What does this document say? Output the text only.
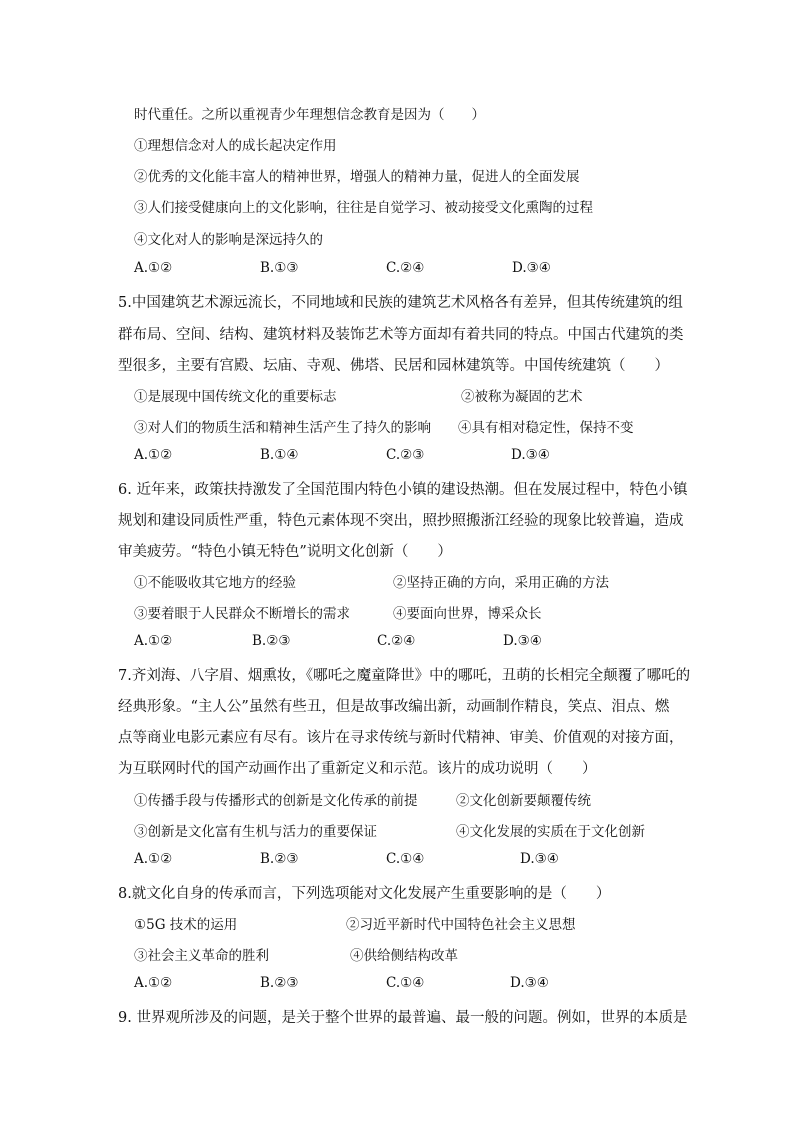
时代重任。之所以重视青少年理想信念教育是因为（　　）
①理想信念对人的成长起决定作用
②优秀的文化能丰富人的精神世界，增强人的精神力量，促进人的全面发展
③人们接受健康向上的文化影响，往往是自觉学习、被动接受文化熏陶的过程
④文化对人的影响是深远持久的
A.①②	B.①③	C.②④	D.③④
5.中国建筑艺术源远流长，不同地域和民族的建筑艺术风格各有差异，但其传统建筑的组
群布局、空间、结构、建筑材料及装饰艺术等方面却有着共同的特点。中国古代建筑的类
型很多，主要有宫殿、坛庙、寺观、佛塔、民居和园林建筑等。中国传统建筑（　　）
①是展现中国传统文化的重要标志	②被称为凝固的艺术
③对人们的物质生活和精神生活产生了持久的影响 ④具有相对稳定性，保持不变
A.①②	B.①④	C.②③	D.③④
6. 近年来，政策扶持激发了全国范围内特色小镇的建设热潮。但在发展过程中，特色小镇
规划和建设同质性严重，特色元素体现不突出，照抄照搬浙江经验的现象比较普遍，造成
审美疲劳。“特色小镇无特色”说明文化创新（　　）
①不能吸收其它地方的经验	②坚持正确的方向，采用正确的方法
③要着眼于人民群众不断增长的需求	④要面向世界，博采众长
A.①②	B.②③	C.②④	D.③④
7.齐刘海、八字眉、烟熏妆，《哪吒之魔童降世》中的哪吒，丑萌的长相完全颠覆了哪吒的
经典形象。“主人公”虽然有些丑，但是故事改编出新，动画制作精良，笑点、泪点、燃
点等商业电影元素应有尽有。该片在寻求传统与新时代精神、审美、价值观的对接方面，
为互联网时代的国产动画作出了重新定义和示范。该片的成功说明（　　）
①传播手段与传播形式的创新是文化传承的前提	②文化创新要颠覆传统
③创新是文化富有生机与活力的重要保证	④文化发展的实质在于文化创新
A.①②	B.②③	C.①④	D.③④
8.就文化自身的传承而言，下列选项能对文化发展产生重要影响的是（　　）
①5G 技术的运用	②习近平新时代中国特色社会主义思想
③社会主义革命的胜利	④供给侧结构改革
A.①②	B.②③	C.①④	D.③④
9. 世界观所涉及的问题，是关于整个世界的最普遍、最一般的问题。例如，世界的本质是
